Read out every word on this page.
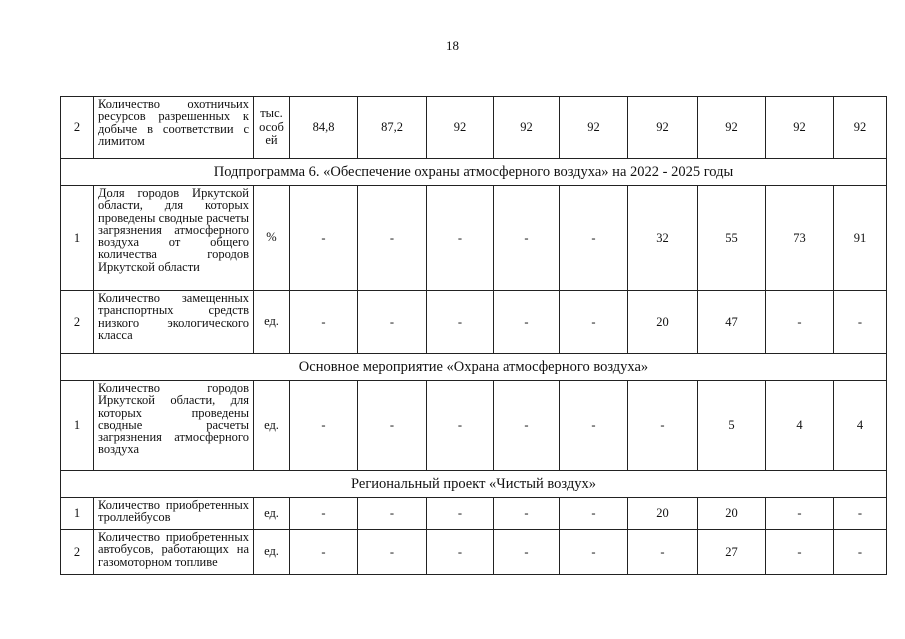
18
2	Количество охотничьих ресурсов разрешенных к добыче в соответствии с лимитом	тыс. особ ей	84,8	87,2	92	92	92	92	92	92	92
Подпрограмма 6. «Обеспечение охраны атмосферного воздуха» на 2022 - 2025 годы											
1	Доля городов Иркутской области, для которых проведены сводные расчеты загрязнения атмосферного воздуха от общего количества городов Иркутской области	%	-	-	-	-	-	32	55	73	91
2	Количество замещенных транспортных средств низкого экологического класса	ед.	-	-	-	-	-	20	47	-	-
Основное мероприятие «Охрана атмосферного воздуха»											
1	Количество городов Иркутской области, для которых проведены сводные расчеты загрязнения атмосферного воздуха	ед.	-	-	-	-	-	-	5	4	4
Региональный проект «Чистый воздух»											
1	Количество приобретенных троллейбусов	ед.	-	-	-	-	-	20	20	-	-
2	Количество приобретенных автобусов, работающих на газомоторном топливе	ед.	-	-	-	-	-	-	27	-	-
